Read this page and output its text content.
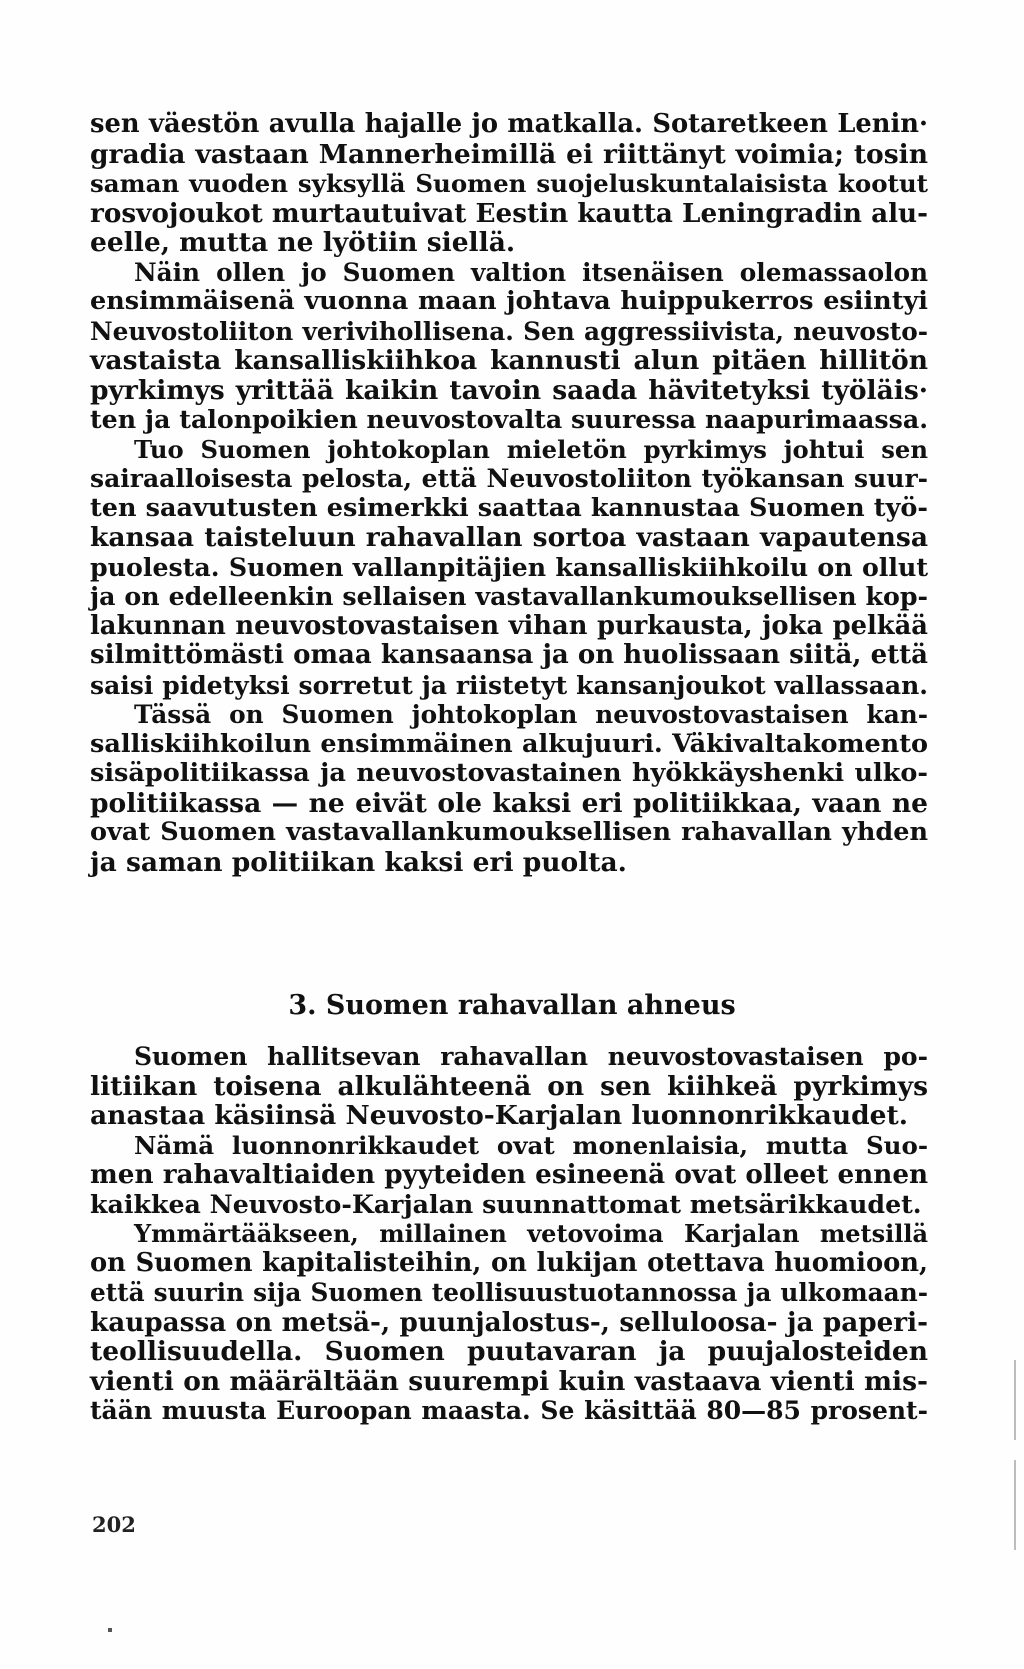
sen väestön avulla hajalle jo matkalla. Sotaretkeen Lenin·
gradia vastaan Mannerheimillä ei riittänyt voimia; tosin
saman vuoden syksyllä Suomen suojeluskuntalaisista kootut
rosvojoukot murtautuivat Eestin kautta Leningradin alu-
eelle, mutta ne lyötiin siellä.
Näin ollen jo Suomen valtion itsenäisen olemassaolon
ensimmäisenä vuonna maan johtava huippukerros esiintyi
Neuvostoliiton verivihollisena. Sen aggressiivista, neuvosto-
vastaista kansalliskiihkoa kannusti alun pitäen hillitön
pyrkimys yrittää kaikin tavoin saada hävitetyksi työläis·
ten ja talonpoikien neuvostovalta suuressa naapurimaassa.
Tuo Suomen johtokoplan mieletön pyrkimys johtui sen
sairaalloisesta pelosta, että Neuvostoliiton työkansan suur-
ten saavutusten esimerkki saattaa kannustaa Suomen työ-
kansaa taisteluun rahavallan sortoa vastaan vapautensa
puolesta. Suomen vallanpitäjien kansalliskiihkoilu on ollut
ja on edelleenkin sellaisen vastavallankumouksellisen kop-
lakunnan neuvostovastaisen vihan purkausta, joka pelkää
silmittömästi omaa kansaansa ja on huolissaan siitä, että
saisi pidetyksi sorretut ja riistetyt kansanjoukot vallassaan.
Tässä on Suomen johtokoplan neuvostovastaisen kan-
salliskiihkoilun ensimmäinen alkujuuri. Väkivaltakomento
sisäpolitiikassa ja neuvostovastainen hyökkäyshenki ulko-
politiikassa — ne eivät ole kaksi eri politiikkaa, vaan ne
ovat Suomen vastavallankumouksellisen rahavallan yhden
ja saman politiikan kaksi eri puolta.
3. Suomen rahavallan ahneus
Suomen hallitsevan rahavallan neuvostovastaisen po-
litiikan toisena alkulähteenä on sen kiihkeä pyrkimys
anastaa käsiinsä Neuvosto-Karjalan luonnonrikkaudet.
Nämä luonnonrikkaudet ovat monenlaisia, mutta Suo-
men rahavaltiaiden pyyteiden esineenä ovat olleet ennen
kaikkea Neuvosto-Karjalan suunnattomat metsärikkaudet.
Ymmärtääkseen, millainen vetovoima Karjalan metsillä
on Suomen kapitalisteihin, on lukijan otettava huomioon,
että suurin sija Suomen teollisuustuotannossa ja ulkomaan-
kaupassa on metsä-, puunjalostus-, selluloosa- ja paperi-
teollisuudella. Suomen puutavaran ja puujalosteiden
vienti on määrältään suurempi kuin vastaava vienti mis-
tään muusta Euroopan maasta. Se käsittää 80—85 prosent-
202
